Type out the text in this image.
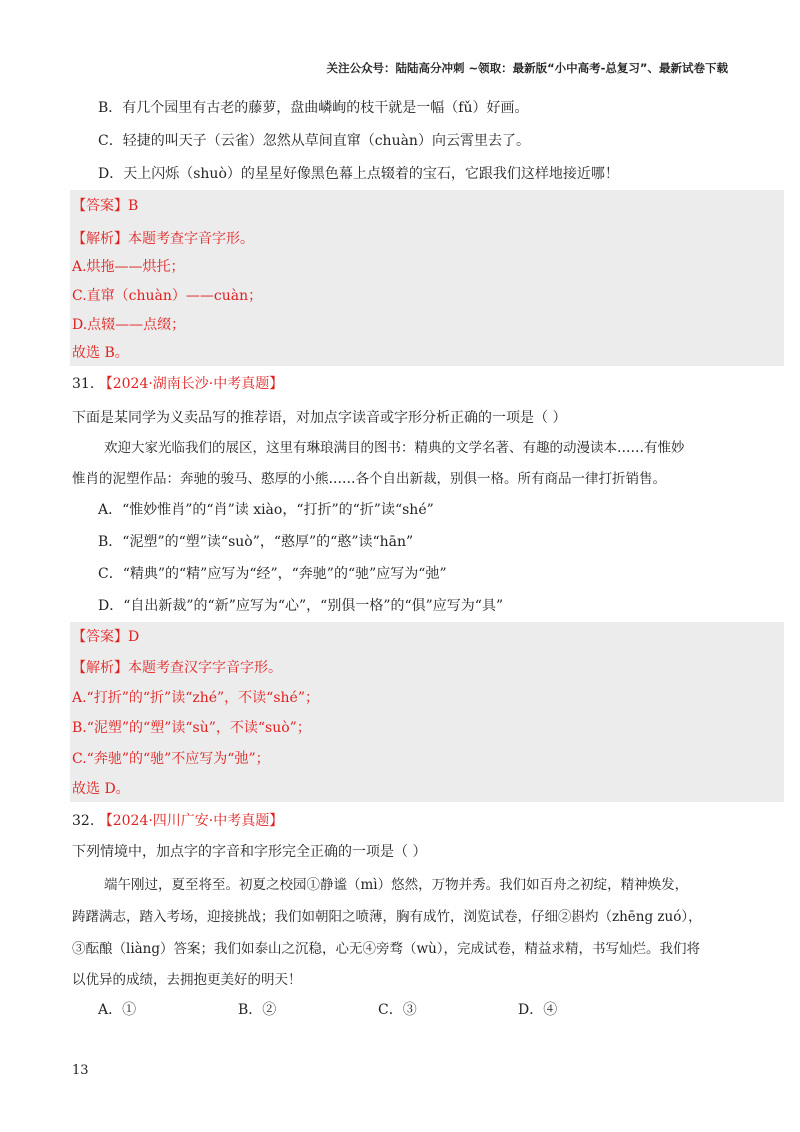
关注公众号：陆陆高分冲刺 ~领取：最新版“小中高考-总复习”、最新试卷下载
B．有几个园里有古老的藤萝，盘曲嶙峋的枝干就是一幅（fǔ）好画。
C．轻捷的叫天子（云雀）忽然从草间直窜（chuàn）向云霄里去了。
D．天上闪烁（shuò）的星星好像黑色幕上点辍着的宝石，它跟我们这样地接近哪！
【答案】B
【解析】本题考查字音字形。
A.烘拖——烘托；
C.直窜（chuàn）——cuàn；
D.点辍——点缀；
故选 B。
31. 【2024·湖南长沙·中考真题】
下面是某同学为义卖品写的推荐语，对加点字读音或字形分析正确的一项是（ ）
欢迎大家光临我们的展区，这里有琳琅满目的图书：精典的文学名著、有趣的动漫读本……有惟妙
惟肖的泥塑作品：奔驰的骏马、憨厚的小熊……各个自出新裁，别俱一格。所有商品一律打折销售。
A．“惟妙惟肖”的“肖”读 xiào，“打折”的“折”读“shé”
B．“泥塑”的“塑”读“suò”，“憨厚”的“憨”读“hān”
C．“精典”的“精”应写为“经”，“奔驰”的“驰”应写为“弛”
D．“自出新裁”的“新”应写为“心”，“别俱一格”的“俱”应写为“具”
【答案】D
【解析】本题考查汉字字音字形。
A.“打折”的“折”读“zhé”，不读“shé”；
B.“泥塑”的“塑”读“sù”，不读“suò”；
C.“奔驰”的“驰”不应写为“弛”；
故选 D。
32. 【2024·四川广安·中考真题】
下列情境中，加点字的字音和字形完全正确的一项是（ ）
端午刚过，夏至将至。初夏之校园①静谧（mì）悠然，万物并秀。我们如百舟之初绽，精神焕发，
踌躇满志，踏入考场，迎接挑战；我们如朝阳之喷薄，胸有成竹，浏览试卷，仔细②斟灼（zhēng zuó），
③酝酿（liàng）答案；我们如泰山之沉稳，心无④旁骛（wù），完成试卷，精益求精，书写灿烂。我们将
以优异的成绩，去拥抱更美好的明天！
A．①	B．②	C．③	D．④
13
